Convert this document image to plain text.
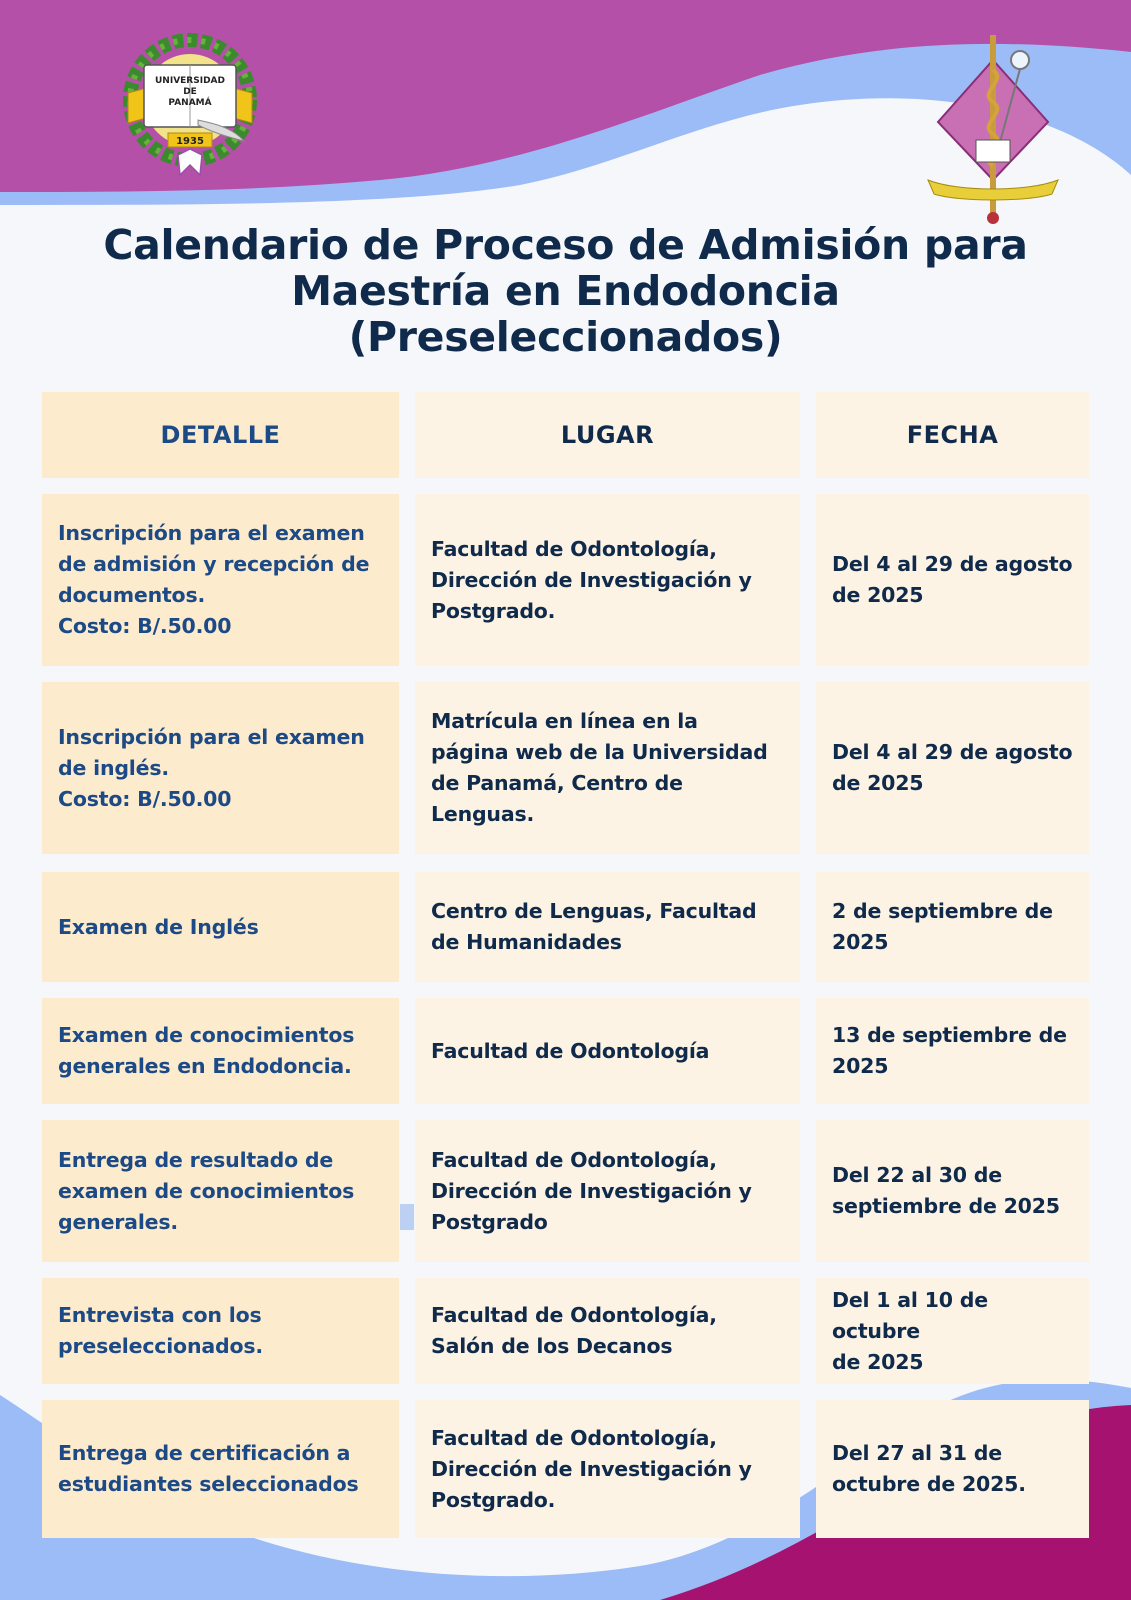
UNIVERSIDAD
DE
PANAMÁ
1935
Calendario de Proceso de Admisión para
Maestría en Endodoncia
(Preseleccionados)
DETALLE	LUGAR	FECHA
Inscripción para el examen
de admisión y recepción de
documentos.
Costo: B/.50.00
Facultad de Odontología,
Dirección de Investigación y
Postgrado.
Del 4 al 29 de agosto
de 2025
Inscripción para el examen
de inglés.
Costo: B/.50.00
Matrícula en línea en la
página web de la Universidad
de Panamá, Centro de
Lenguas.
Del 4 al 29 de agosto
de 2025
Examen de Inglés
Centro de Lenguas, Facultad
de Humanidades
2 de septiembre de
2025
Examen de conocimientos
generales en Endodoncia.
Facultad de Odontología
13 de septiembre de
2025
Entrega de resultado de
examen de conocimientos
generales.
Facultad de Odontología,
Dirección de Investigación y
Postgrado
Del 22 al 30 de
septiembre de 2025
Entrevista con los
preseleccionados.
Facultad de Odontología,
Salón de los Decanos
Del 1 al 10 de octubre
de 2025
Entrega de certificación a
estudiantes seleccionados
Facultad de Odontología,
Dirección de Investigación y
Postgrado.
Del 27 al 31 de
octubre de 2025.
